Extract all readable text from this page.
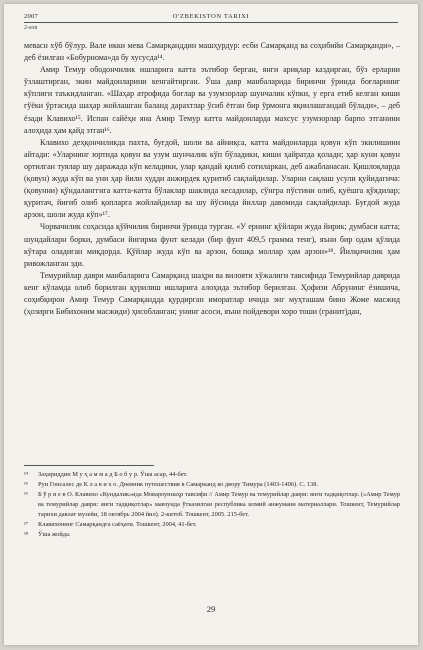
2007	O'ZBEKISTON TARIXI
2-son

мевасн хўб бўлур. Вале икки мева Самарқанддин машҳурдур: есби Самарқанд ва соҳибийи Самарқанди», – деб ёзилган «Бобурнома»да бу хусусда¹⁴.

Амир Темур ободончилик ишларига катта эътибор берган, янги ариқлар каздирган, бўз ерларни ўзлаштирган, экин майдонларини кенгайтирган. Ўша давр манбаларида биринчи ўринда боғларнинг кўплиги таъкидланган. «Шаҳар атрофида боғлар ва узумзорлар шунчалик кўпки, у ерга етиб келган киши гўёки ўртасида шаҳар жойлашган баланд дарахтлар ўсиб ётган бир ўрмонга яқинлашгандай бўлади», – деб ёзади Клавихо¹⁵. Испан сайёҳи яна Амир Темур катта майдонларда махсус узумзорлар барпо этганини алоҳида ҳам қайд этган¹⁶.

Клавихо деҳқончиликда пахта, буғдой, шоли ва айниқса, катта майдонларда қовун кўп экилишини айтади: «Уларнинг юртида қовун ва узум шунчалик кўп бўладики, киши ҳайратда қолади; ҳар куни қовун ортилган туялар шу даражада кўп келадики, улар қандай қилиб сотиларкан, деб ажабланасан. Қишлоқларда (қовун) жуда кўп ва уни ҳар йили худди анжирдек қуритиб сақлайдилар. Уларни сақлаш усули қуйидагича: (қовунни) қўндаланггига катта-катта бўлаклар шаклида кесадилар, сўнгра пўстини олиб, қуёшга қўядилар; қуритач, йиғиб олиб қопларга жойлайдилар ва шу йўсинда йиллар давомида сақлайдилар. Буғдой жуда арзон, шоли жуда кўп»¹⁷.

Чорвачилик соҳасида қўйчилик биринчи ўринда турган. «У ернинг қўйлари жуда йирик; думбаси катта; шундайларн борки, думбаси йигирма фунт келади (бир фунт 409,5 грамма тенг), яъни бир одам қўлида кўтара оладиган миқдорда. Қўйлар жуда кўп ва арзон, бошқа моллар ҳам арзон»¹⁸. Йилқичилик ҳам ривожланган эди.

Темурийлар даври манбаларига Самарқанд шаҳри ва вилояти хўжалиги тавсифида Темурийлар даврида кенг кўламда олиб борилган қурилиш ишларига алоҳида эътибор берилган. Ҳофизи Абрунинг ёзишича, соҳибқирон Амир Темур Самарқандда қурдирган иморатлар ичида энг муҳташам бино Жоме масжид (ҳозирги Бибихоним масжиди) ҳисобланган; унинг асоси, яъни пойдевори хоро тоши (гранит)дан,

¹⁴	Заҳириддин М у ҳ а м м а д Б о б у р. Ўша асар, 44-бет.
¹⁵	Руи Гонсалес де К л а в и х о. Дневник путешествия в Самарканд ко двору Тимура (1403-1406). С. 138.
¹⁶	Б ў р и е в О. Клавихо «Кундалик»ида Мовароуннаҳр тавсифи // Амир Темур ва темурийлар даври: янги тадқиқотлар. («Амир Темур ва темурийлар даври: янги тадқиқотлар» мавзуида ўтказилган республика илмий анжумани материаллари. Тошкент, Темурийлар тарихи давлат музейи, 18 октябрь 2004 йил). 2-китоб. Тошкент, 2005. 215-бет.
¹⁷	Клавихонинг Самарқандга саёҳати. Тошкент, 2004, 41-бет.
¹⁸	Ўша жойда.
29
